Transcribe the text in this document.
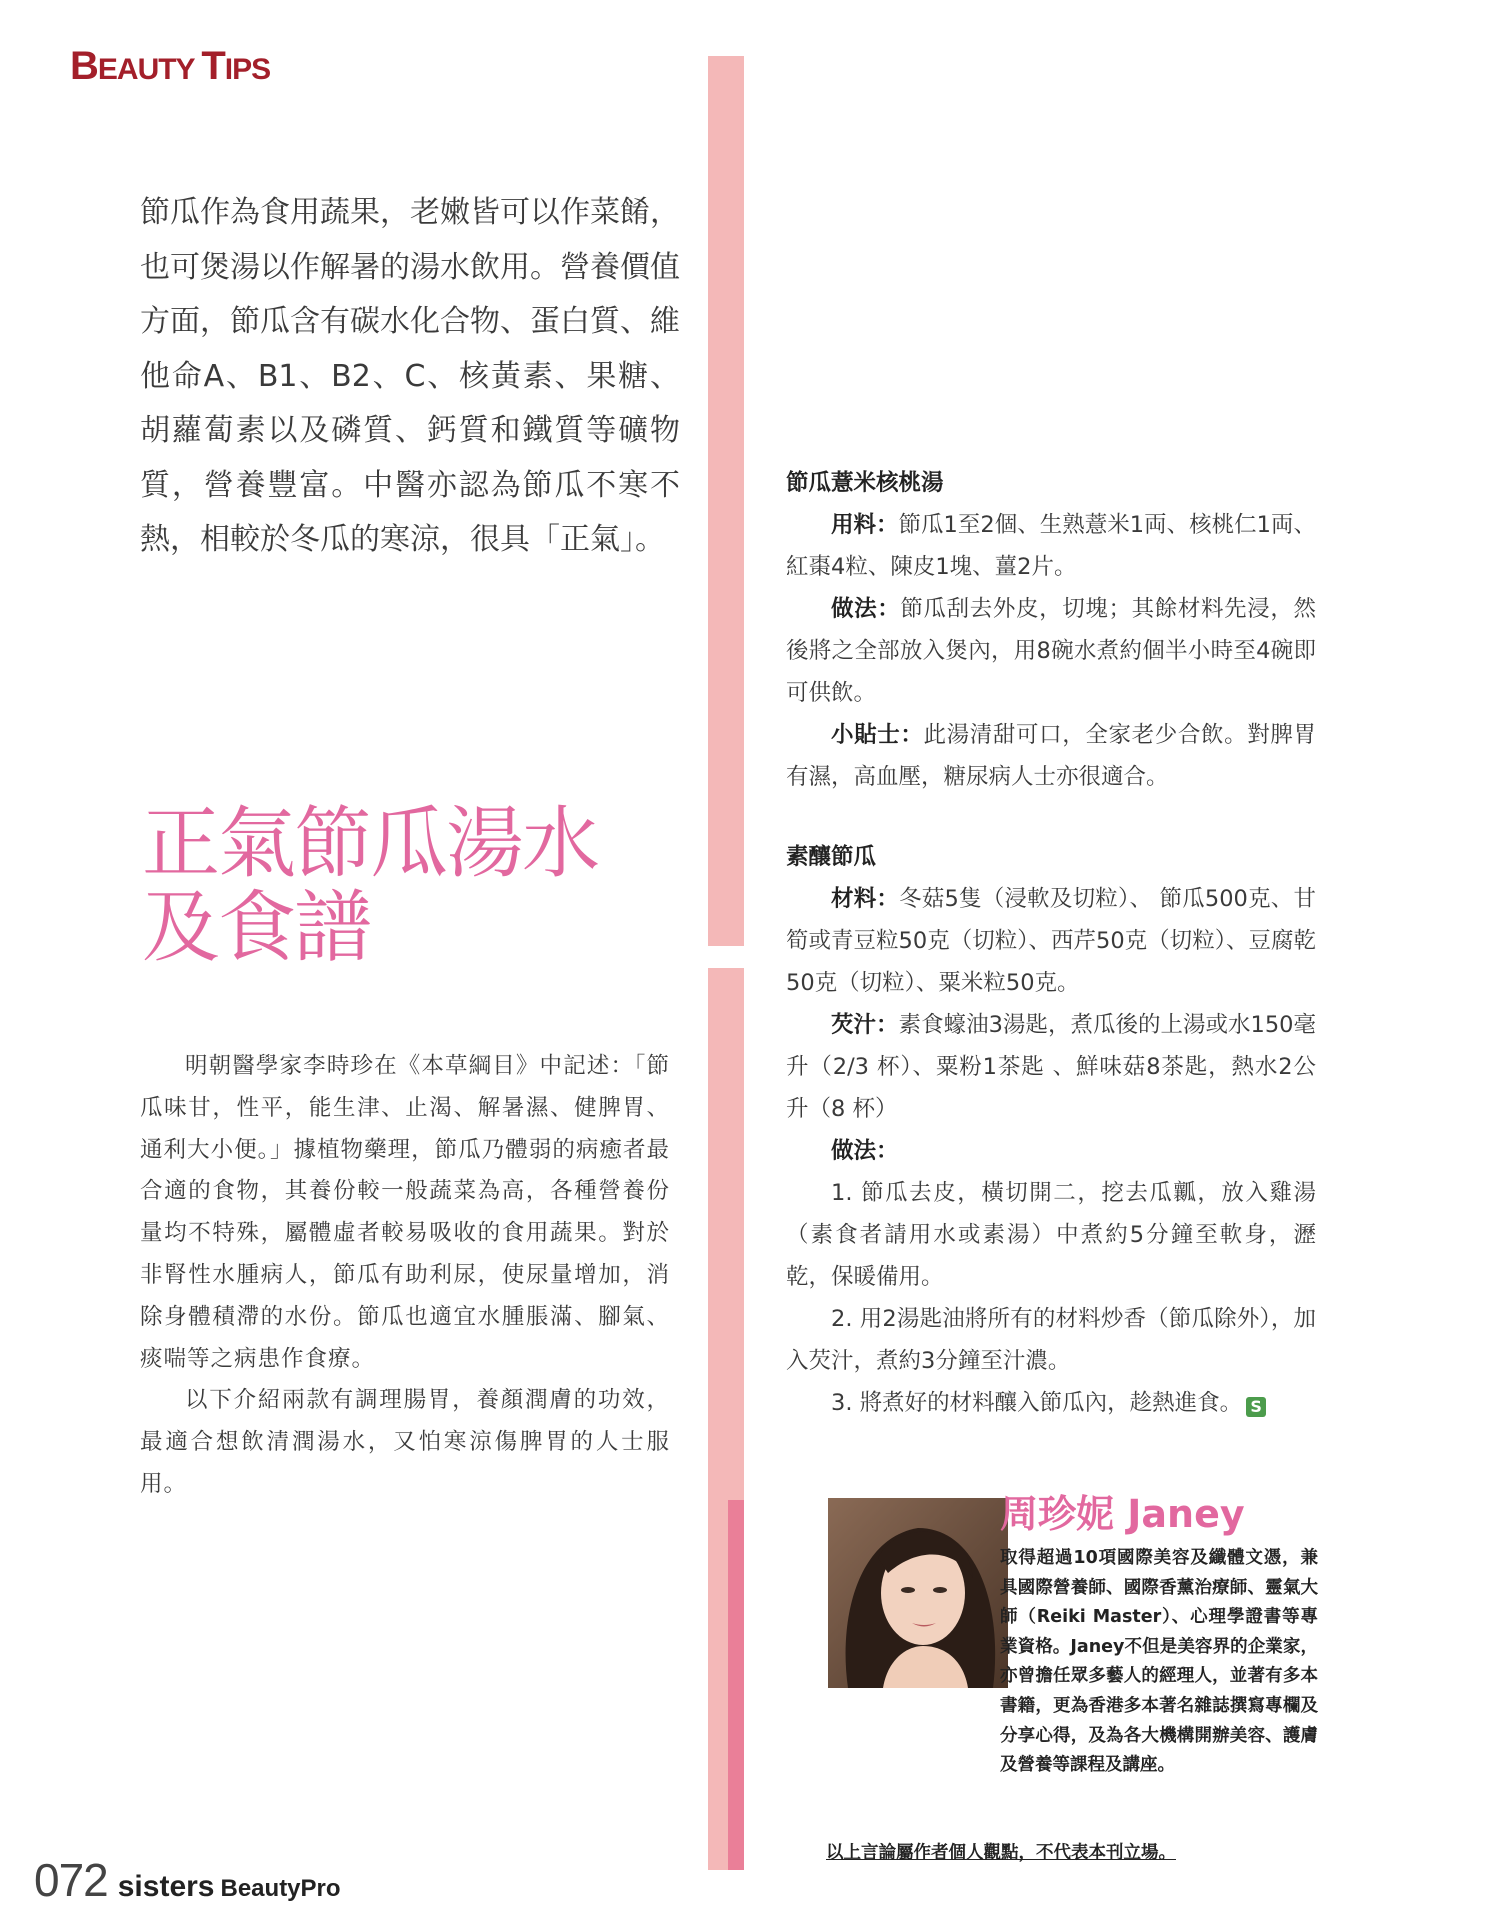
BEAUTY TIPS

節瓜作為食用蔬果，老嫩皆可以作菜餚，也可煲湯以作解暑的湯水飲用。營養價值方面，節瓜含有碳水化合物、蛋白質、維他命A、B1、B2、C、核黃素、果糖、胡蘿蔔素以及磷質、鈣質和鐵質等礦物質，營養豐富。中醫亦認為節瓜不寒不熱，相較於冬瓜的寒涼，很具「正氣」。

正氣節瓜湯水
及食譜

明朝醫學家李時珍在《本草綱目》中記述：「節瓜味甘，性平，能生津、止渴、解暑濕、健脾胃、通利大小便。」據植物藥理，節瓜乃體弱的病癒者最合適的食物，其養份較一般蔬菜為高，各種營養份量均不特殊，屬體虛者較易吸收的食用蔬果。對於非腎性水腫病人，節瓜有助利尿，使尿量增加，消除身體積滯的水份。節瓜也適宜水腫脹滿、腳氣、痰喘等之病患作食療。

以下介紹兩款有調理腸胃，養顏潤膚的功效，最適合想飲清潤湯水，又怕寒涼傷脾胃的人士服用。

節瓜薏米核桃湯

用料：節瓜1至2個、生熟薏米1両、核桃仁1両、紅棗4粒、陳皮1塊、薑2片。

做法：節瓜刮去外皮，切塊；其餘材料先浸，然後將之全部放入煲內，用8碗水煮約個半小時至4碗即可供飲。

小貼士：此湯清甜可口，全家老少合飲。對脾胃有濕，高血壓，糖尿病人士亦很適合。

素釀節瓜

材料：冬菇5隻（浸軟及切粒）、 節瓜500克、甘筍或青豆粒50克（切粒）、西芹50克（切粒）、豆腐乾50克（切粒）、粟米粒50克。

芡汁：素食蠔油3湯匙，煮瓜後的上湯或水150毫升（2/3 杯）、粟粉1茶匙 、鮮味菇8茶匙，熱水2公升（8 杯）

做法：

1. 節瓜去皮，橫切開二，挖去瓜瓤，放入雞湯（素食者請用水或素湯）中煮約5分鐘至軟身，瀝乾，保暖備用。

2. 用2湯匙油將所有的材料炒香（節瓜除外），加入芡汁，煮約3分鐘至汁濃。

3. 將煮好的材料釀入節瓜內，趁熱進食。 S

周珍妮 Janey

取得超過10項國際美容及纖體文憑，兼具國際營養師、國際香薰治療師、靈氣大師（Reiki Master）、心理學證書等專業資格。Janey不但是美容界的企業家，亦曾擔任眾多藝人的經理人，並著有多本書籍，更為香港多本著名雜誌撰寫專欄及分享心得，及為各大機構開辦美容、護膚及營養等課程及講座。

以上言論屬作者個人觀點，不代表本刊立場。

072 sisters BeautyPro
